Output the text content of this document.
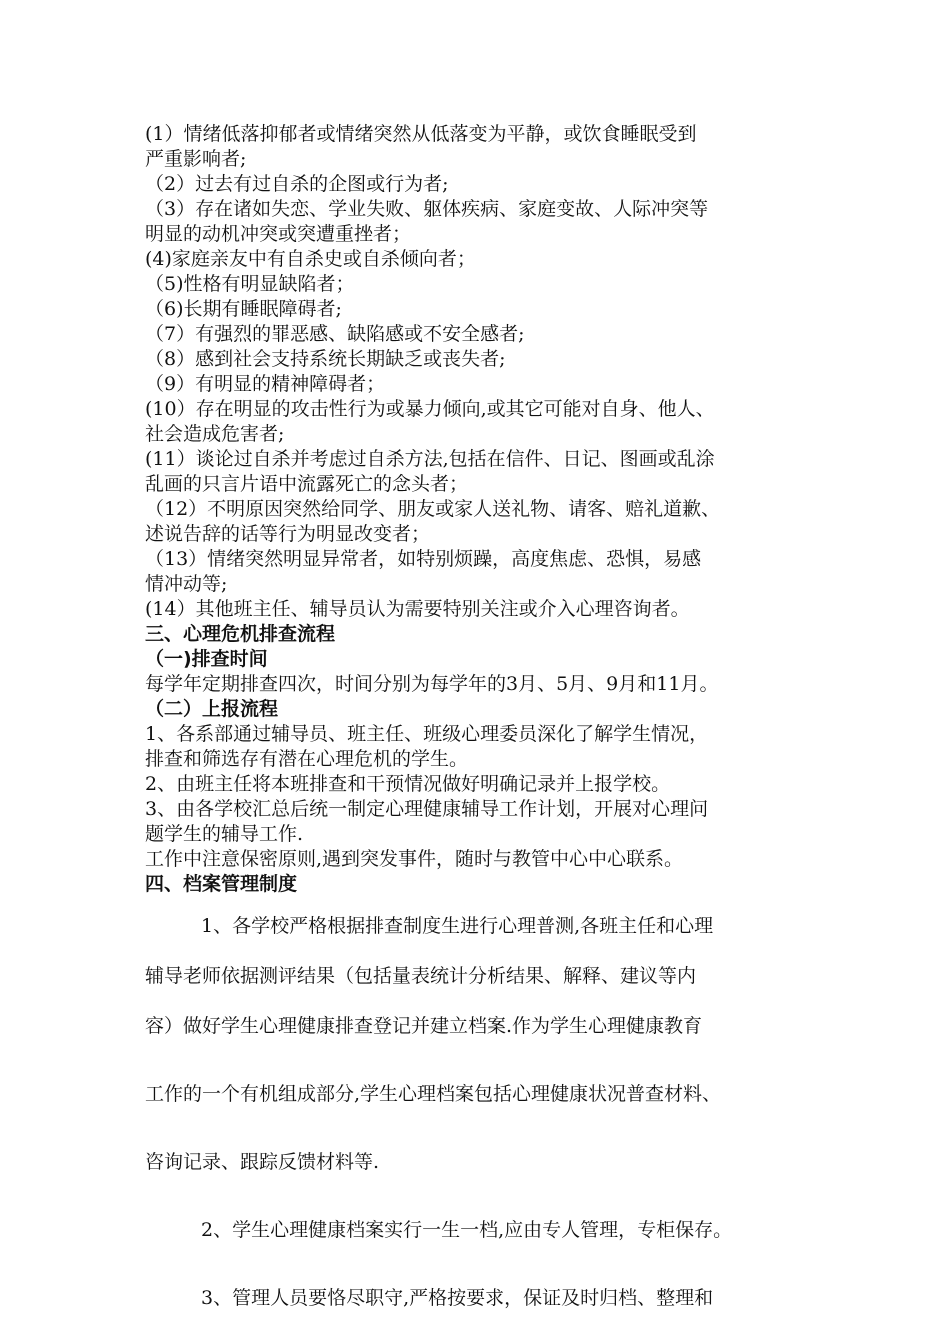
(1）情绪低落抑郁者或情绪突然从低落变为平静，或饮食睡眠受到
严重影响者;
（2）过去有过自杀的企图或行为者;
（3）存在诸如失恋、学业失败、躯体疾病、家庭变故、人际冲突等
明显的动机冲突或突遭重挫者；
(4)家庭亲友中有自杀史或自杀倾向者；
（5)性格有明显缺陷者；
（6)长期有睡眠障碍者;
（7）有强烈的罪恶感、缺陷感或不安全感者;
（8）感到社会支持系统长期缺乏或丧失者;
（9）有明显的精神障碍者；
(10）存在明显的攻击性行为或暴力倾向,或其它可能对自身、他人、
社会造成危害者;
(11）谈论过自杀并考虑过自杀方法,包括在信件、日记、图画或乱涂
乱画的只言片语中流露死亡的念头者；
（12）不明原因突然给同学、朋友或家人送礼物、请客、赔礼道歉、
述说告辞的话等行为明显改变者；
（13）情绪突然明显异常者，如特别烦躁，高度焦虑、恐惧，易感
情冲动等;
(14）其他班主任、辅导员认为需要特别关注或介入心理咨询者。
三、心理危机排查流程
（一)排查时间
每学年定期排查四次，时间分别为每学年的3月、5月、9月和11月。
（二）上报流程
1、各系部通过辅导员、班主任、班级心理委员深化了解学生情况，
排查和筛选存有潜在心理危机的学生。
2、由班主任将本班排查和干预情况做好明确记录并上报学校。
3、由各学校汇总后统一制定心理健康辅导工作计划，开展对心理问
题学生的辅导工作.
工作中注意保密原则,遇到突发事件，随时与教管中心中心联系。
四、档案管理制度
1、各学校严格根据排查制度生进行心理普测,各班主任和心理
辅导老师依据测评结果（包括量表统计分析结果、解释、建议等内
容）做好学生心理健康排查登记并建立档案.作为学生心理健康教育
工作的一个有机组成部分,学生心理档案包括心理健康状况普查材料、
咨询记录、跟踪反馈材料等.
2、学生心理健康档案实行一生一档,应由专人管理，专柜保存。
3、管理人员要恪尽职守,严格按要求，保证及时归档、整理和
